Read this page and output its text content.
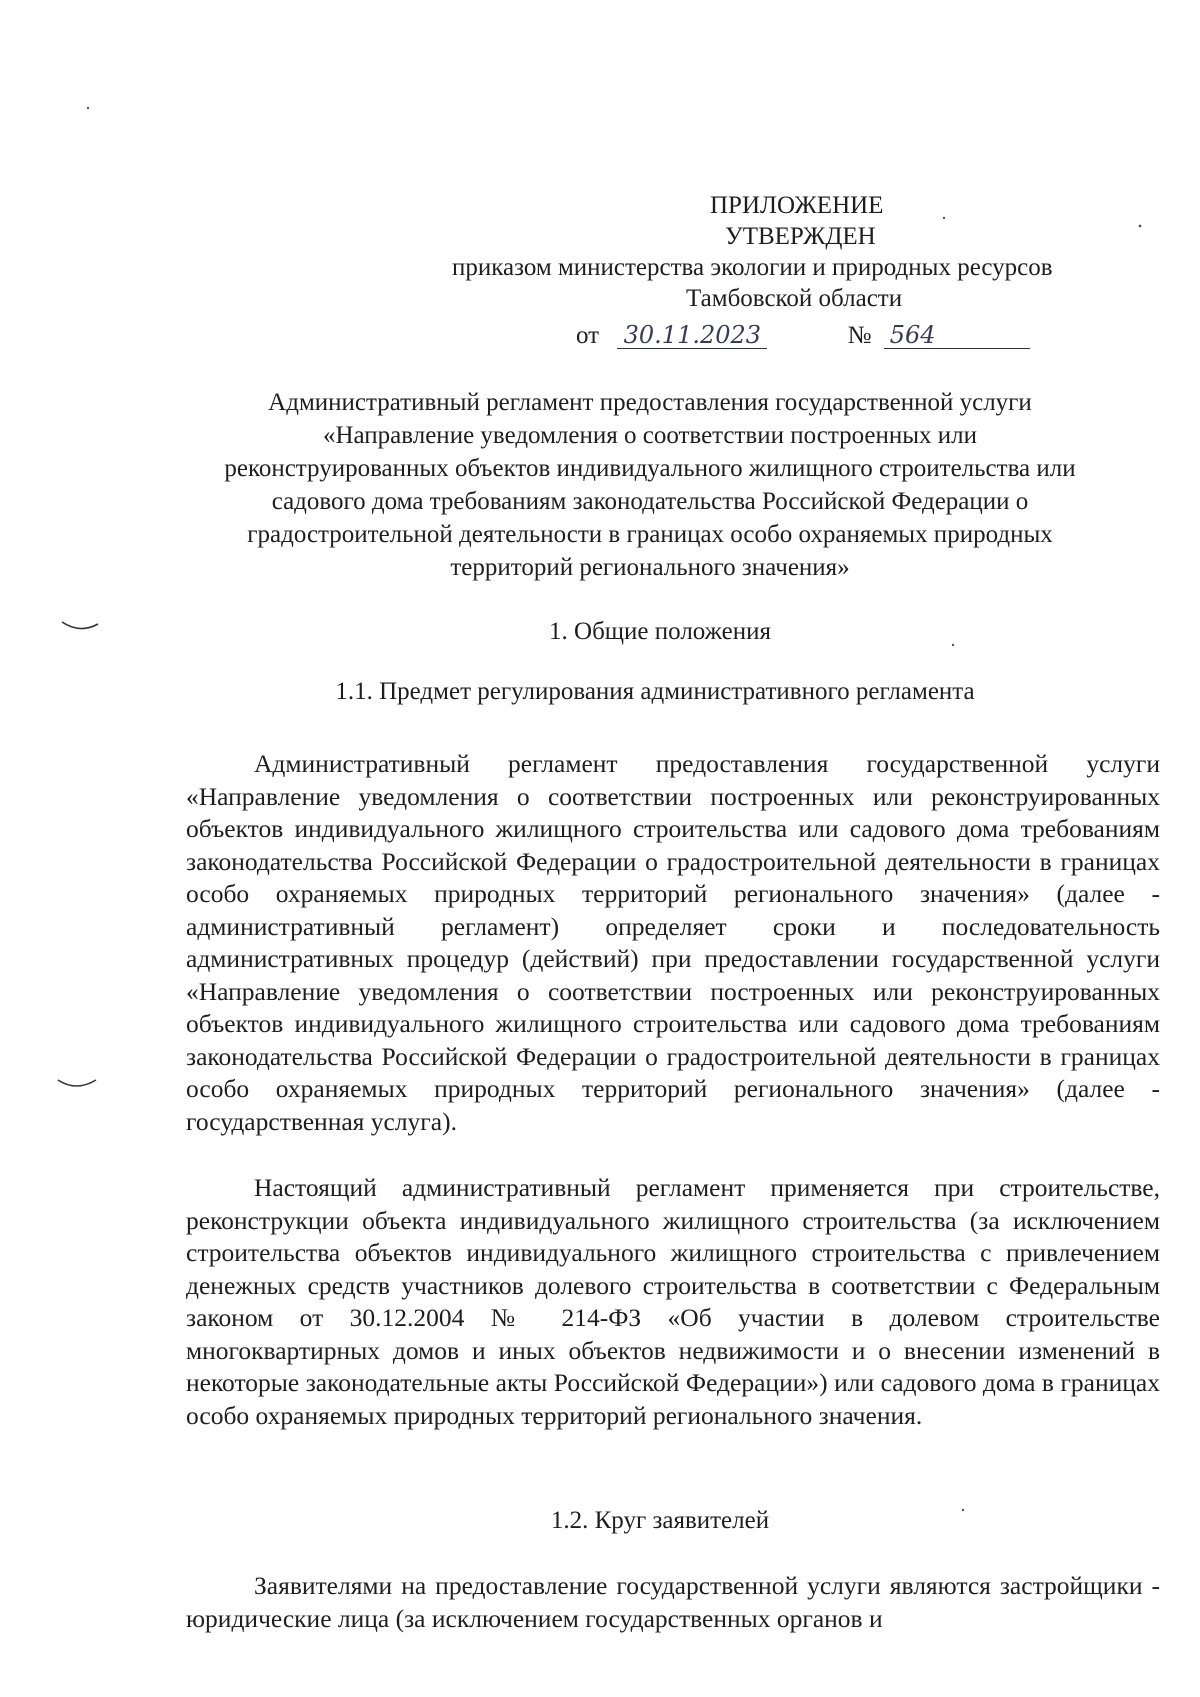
ПРИЛОЖЕНИЕ
УТВЕРЖДЕН
приказом министерства экологии и природных ресурсов
Тамбовской области
от 30.11.2023	№ 564
Административный регламент предоставления государственной услуги
«Направление уведомления о соответствии построенных или
реконструированных объектов индивидуального жилищного строительства или
садового дома требованиям законодательства Российской Федерации о
градостроительной деятельности в границах особо охраняемых природных
территорий регионального значения»
1. Общие положения
1.1. Предмет регулирования административного регламента

Административный регламент предоставления государственной услуги «Направление уведомления о соответствии построенных или реконструированных объектов индивидуального жилищного строительства или садового дома требованиям законодательства Российской Федерации о градостроительной деятельности в границах особо охраняемых природных территорий регионального значения» (далее - административный регламент) определяет сроки и последовательность административных процедур (действий) при предоставлении государственной услуги «Направление уведомления о соответствии построенных или реконструированных объектов индивидуального жилищного строительства или садового дома требованиям законодательства Российской Федерации о градостроительной деятельности в границах особо охраняемых природных территорий регионального значения» (далее - государственная услуга).

Настоящий административный регламент применяется при строительстве, реконструкции объекта индивидуального жилищного строительства (за исключением строительства объектов индивидуального жилищного строительства с привлечением денежных средств участников долевого строительства в соответствии с Федеральным законом от 30.12.2004 № 214-ФЗ «Об участии в долевом строительстве многоквартирных домов и иных объектов недвижимости и о внесении изменений в некоторые законодательные акты Российской Федерации») или садового дома в границах особо охраняемых природных территорий регионального значения.

1.2. Круг заявителей

Заявителями на предоставление государственной услуги являются застройщики - юридические лица (за исключением государственных органов и
